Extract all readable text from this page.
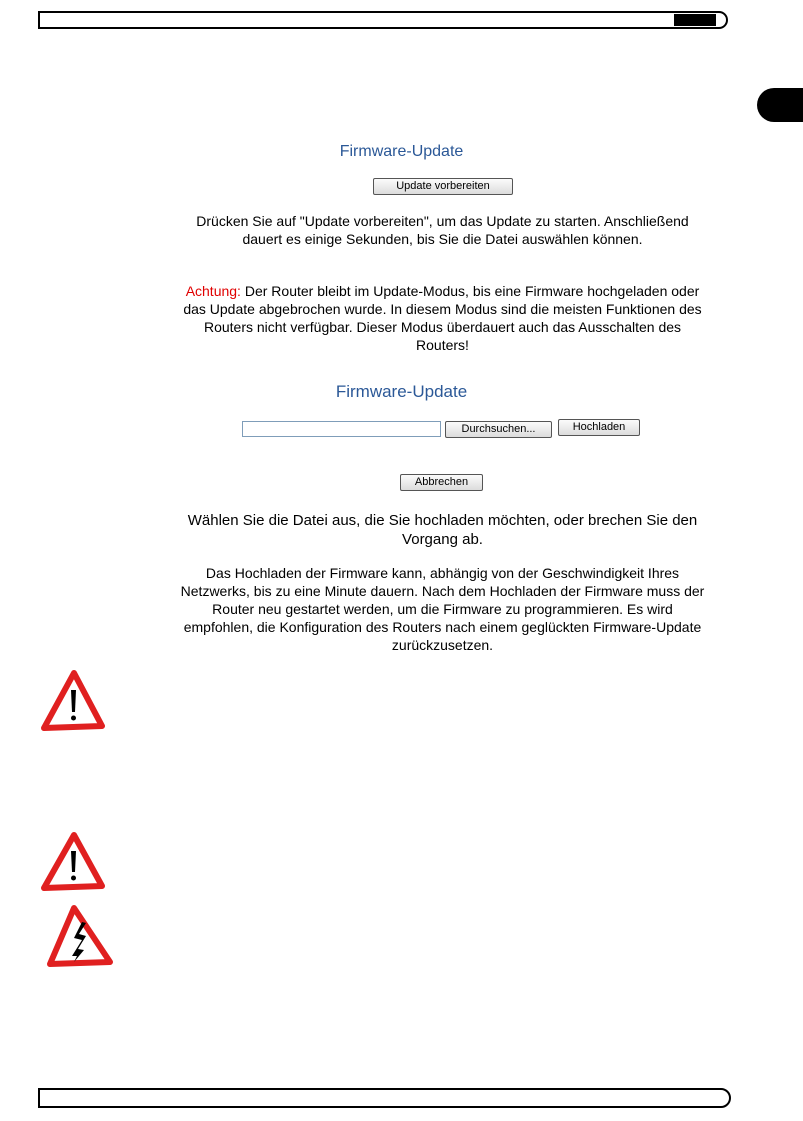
Firmware-Update
Update vorbereiten

Drücken Sie auf "Update vorbereiten", um das Update zu starten. Anschließend dauert es einige Sekunden, bis Sie die Datei auswählen können.

Achtung: Der Router bleibt im Update-Modus, bis eine Firmware hochgeladen oder das Update abgebrochen wurde. In diesem Modus sind die meisten Funktionen des Routers nicht verfügbar. Dieser Modus überdauert auch das Ausschalten des Routers!

Firmware-Update
Durchsuchen...	Hochladen
Abbrechen

Wählen Sie die Datei aus, die Sie hochladen möchten, oder brechen Sie den Vorgang ab.

Das Hochladen der Firmware kann, abhängig von der Geschwindigkeit Ihres Netzwerks, bis zu eine Minute dauern. Nach dem Hochladen der Firmware muss der Router neu gestartet werden, um die Firmware zu programmieren. Es wird empfohlen, die Konfiguration des Routers nach einem geglückten Firmware-Update zurückzusetzen.
